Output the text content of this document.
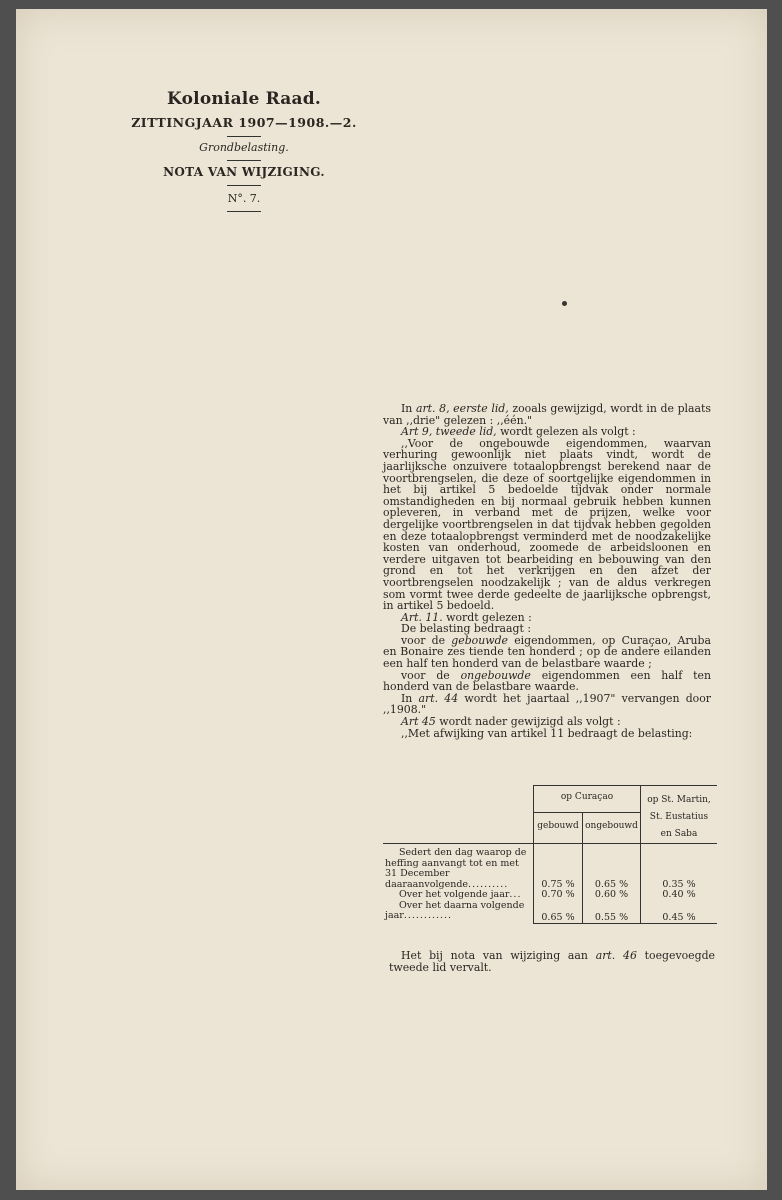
Koloniale Raad.
ZITTINGJAAR 1907—1908.—2.
Grondbelasting.
NOTA VAN WIJZIGING.
N°. 7.

In art. 8, eerste lid, zooals gewijzigd, wordt in de plaats van ,,drie" gelezen : ,,één."

Art 9, tweede lid, wordt gelezen als volgt :

,,Voor de ongebouwde eigendommen, waarvan verhuring gewoonlijk niet plaats vindt, wordt de jaarlijksche onzuivere totaalopbrengst berekend naar de voortbrengselen, die deze of soortgelijke eigendommen in het bij artikel 5 bedoelde tijdvak onder normale omstandigheden en bij normaal gebruik hebben kunnen opleveren, in verband met de prijzen, welke voor dergelijke voortbrengselen in dat tijdvak hebben gegolden en deze totaalopbrengst verminderd met de noodzakelijke kosten van onderhoud, zoomede de arbeidsloonen en verdere uitgaven tot bearbeiding en bebouwing van den grond en tot het verkrijgen en den afzet der voortbrengselen noodzakelijk ; van de aldus verkregen som vormt twee derde gedeelte de jaarlijksche opbrengst, in artikel 5 bedoeld.

Art. 11. wordt gelezen :

De belasting bedraagt :

voor de gebouwde eigendommen, op Curaçao, Aruba en Bonaire zes tiende ten honderd ; op de andere eilanden een half ten honderd van de belastbare waarde ;

voor de ongebouwde eigendommen een half ten honderd van de belastbare waarde.

In art. 44 wordt het jaartaal ,,1907" vervangen door ,,1908."

Art 45 wordt nader gewijzigd als volgt :

,,Met afwijking van artikel 11 bedraagt de belasting:

	op Curaçao		op St. Martin, St. Eustatius en Saba
	gebouwd	ongebouwd	
Sedert den dag waarop de heffing aanvangt tot en met 31 December daaraanvolgende..........	0.75 %	0.65 %	0.35 %
Over het volgende jaar...	0.70 %	0.60 %	0.40 %
Over het daarna volgende jaar............	0.65 %	0.55 %	0.45 %

Het bij nota van wijziging aan art. 46 toegevoegde tweede lid vervalt.
